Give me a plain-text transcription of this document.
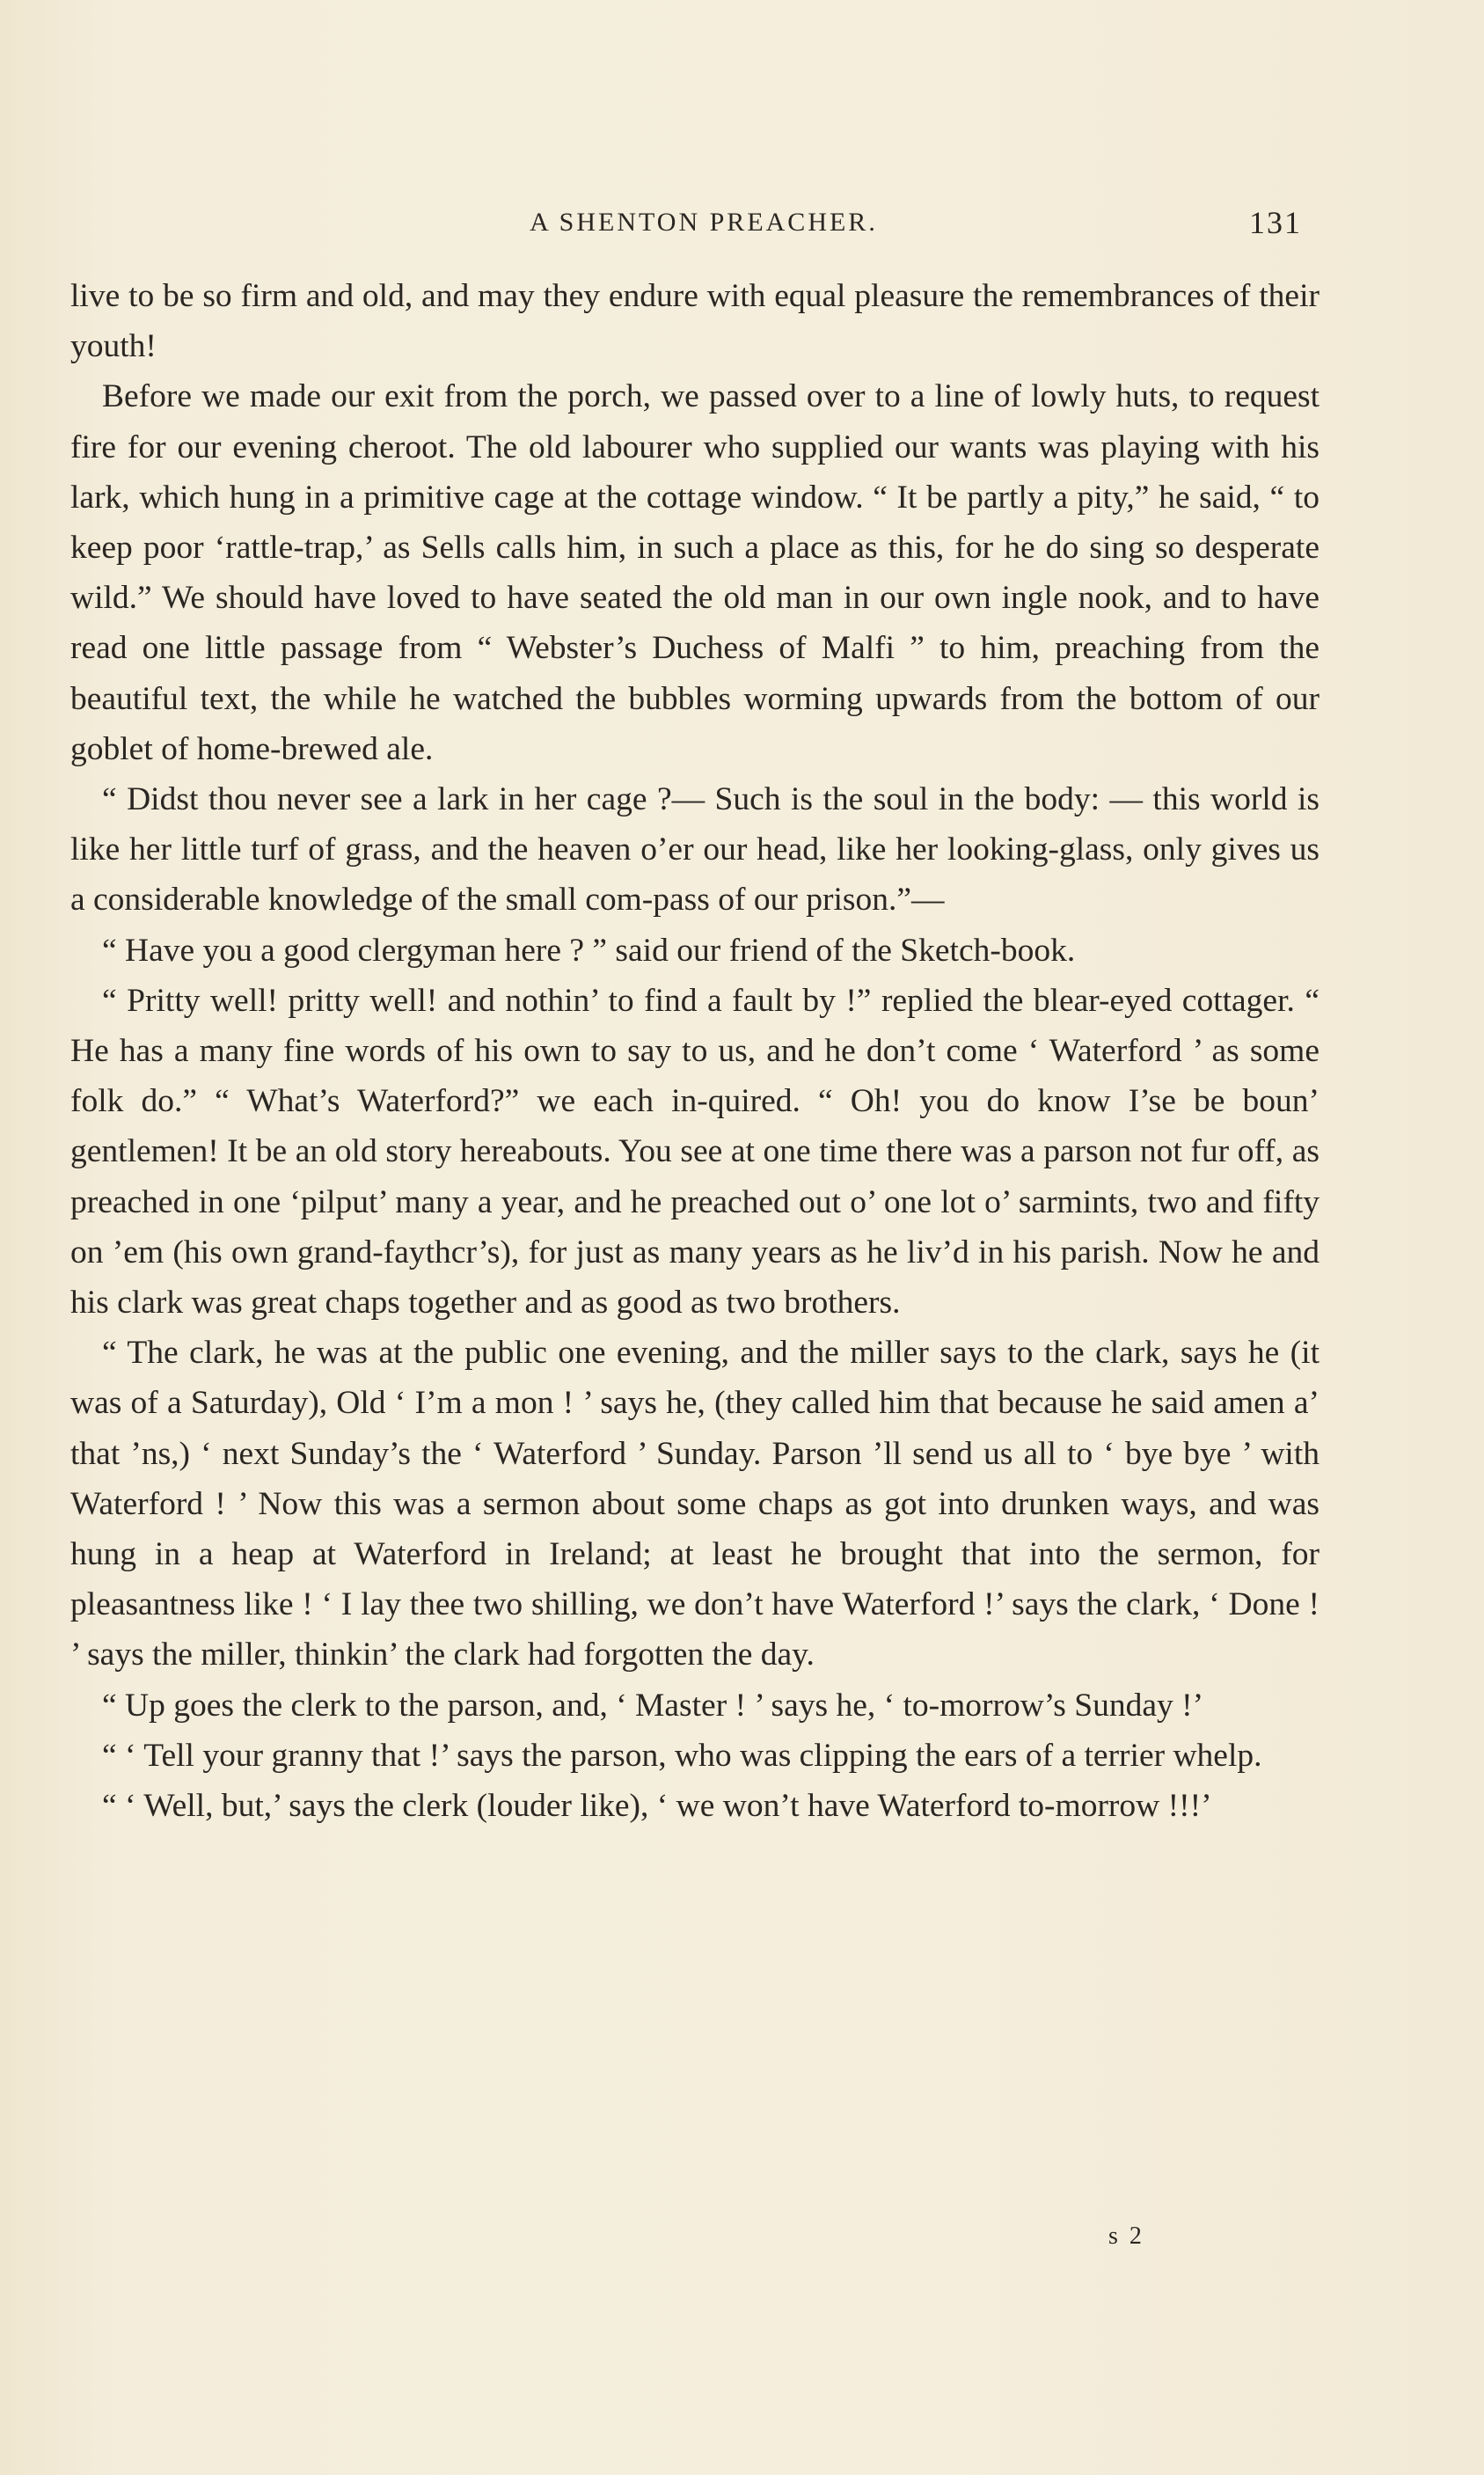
A SHENTON PREACHER.	131

live to be so firm and old, and may they endure with equal pleasure the remembrances of their youth!

Before we made our exit from the porch, we passed over to a line of lowly huts, to request fire for our evening cheroot. The old labourer who supplied our wants was playing with his lark, which hung in a primitive cage at the cottage window. “ It be partly a pity,” he said, “ to keep poor ‘rattle-trap,’ as Sells calls him, in such a place as this, for he do sing so desperate wild.” We should have loved to have seated the old man in our own ingle nook, and to have read one little passage from “ Webster’s Duchess of Malfi ” to him, preaching from the beautiful text, the while he watched the bubbles worming upwards from the bottom of our goblet of home-brewed ale.

“ Didst thou never see a lark in her cage ?— Such is the soul in the body: — this world is like her little turf of grass, and the heaven o’er our head, like her looking-glass, only gives us a considerable knowledge of the small com-pass of our prison.”—

“ Have you a good clergyman here ? ” said our friend of the Sketch-book.

“ Pritty well! pritty well! and nothin’ to find a fault by !” replied the blear-eyed cottager. “ He has a many fine words of his own to say to us, and he don’t come ‘ Waterford ’ as some folk do.” “ What’s Waterford?” we each in-quired. “ Oh! you do know I’se be boun’ gentlemen! It be an old story hereabouts. You see at one time there was a parson not fur off, as preached in one ‘pilput’ many a year, and he preached out o’ one lot o’ sarmints, two and fifty on ’em (his own grand-faythcr’s), for just as many years as he liv’d in his parish. Now he and his clark was great chaps together and as good as two brothers.

“ The clark, he was at the public one evening, and the miller says to the clark, says he (it was of a Saturday), Old ‘ I’m a mon ! ’ says he, (they called him that because he said amen a’ that ’ns,) ‘ next Sunday’s the ‘ Waterford ’ Sunday. Parson ’ll send us all to ‘ bye bye ’ with Waterford ! ’ Now this was a sermon about some chaps as got into drunken ways, and was hung in a heap at Waterford in Ireland; at least he brought that into the sermon, for pleasantness like ! ‘ I lay thee two shilling, we don’t have Waterford !’ says the clark, ‘ Done ! ’ says the miller, thinkin’ the clark had forgotten the day.

“ Up goes the clerk to the parson, and, ‘ Master ! ’ says he, ‘ to-morrow’s Sunday !’

“ ‘ Tell your granny that !’ says the parson, who was clipping the ears of a terrier whelp.

“ ‘ Well, but,’ says the clerk (louder like), ‘ we won’t have Waterford to-morrow !!!’

s 2
